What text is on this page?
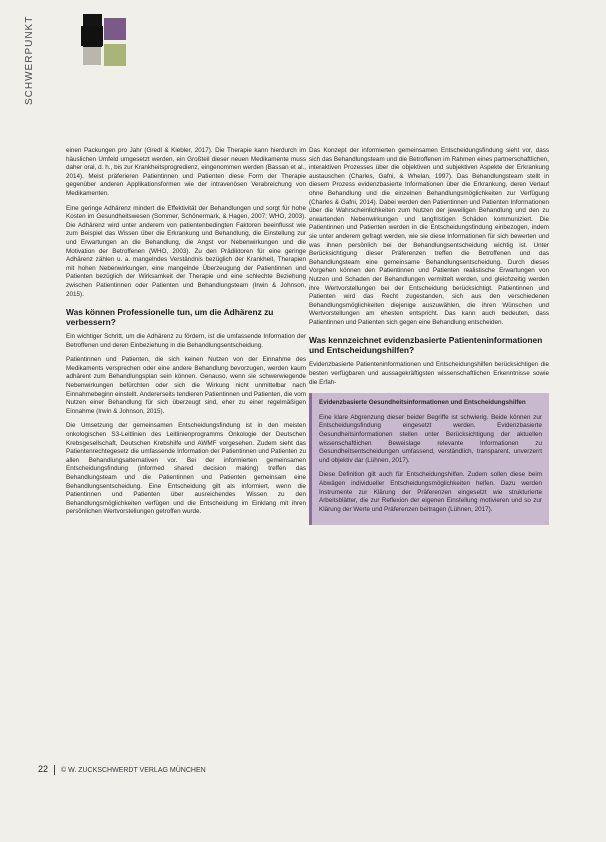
SCHWERPUNKT

einen Packungen pro Jahr (Gredl & Kiebler, 2017). Die Therapie kann hierdurch im häuslichen Umfeld umgesetzt werden, ein Großteil dieser neuen Medikamente muss daher oral, d. h., bis zur Krankheitsprogredienz, eingenommen werden (Bassan et al., 2014). Meist präferieren Patientinnen und Patienten diese Form der Therapie gegenüber anderen Applikationsformen wie der intravenösen Verabreichung von Medikamenten.

Eine geringe Adhärenz mindert die Effektivität der Behandlungen und sorgt für hohe Kosten im Gesundheitswesen (Sommer, Schönermark, & Hagen, 2007; WHO, 2003). Die Adhärenz wird unter anderem von patientenbedingten Faktoren beeinflusst wie zum Beispiel das Wissen über die Erkrankung und Behandlung, die Einstellung zur und Erwartungen an die Behandlung, die Angst vor Nebenwirkungen und die Motivation der Betroffenen (WHO, 2003). Zu den Prädiktoren für eine geringe Adhärenz zählen u. a. mangelndes Verständnis bezüglich der Krankheit, Therapien mit hohen Nebenwirkungen, eine mangelnde Überzeugung der Patientinnen und Patienten bezüglich der Wirksamkeit der Therapie und eine schlechte Beziehung zwischen Patientinnen oder Patienten und Behandlungsteam (Irwin & Johnson, 2015).

Was können Professionelle tun, um die Adhärenz zu verbessern?

Ein wichtiger Schritt, um die Adhärenz zu fördern, ist die umfassende Information der Betroffenen und deren Einbeziehung in die Behandlungsentscheidung.

Patientinnen und Patienten, die sich keinen Nutzen von der Einnahme des Medikaments versprechen oder eine andere Behandlung bevorzugen, werden kaum adhärent zum Behandlungsplan sein können. Genauso, wenn sie schwerwiegende Nebenwirkungen befürchten oder sich die Wirkung nicht unmittelbar nach Einnahmebeginn einstellt. Andererseits tendieren Patientinnen und Patienten, die vom Nutzen einer Behandlung für sich überzeugt sind, eher zu einer regelmäßigen Einnahme (Irwin & Johnson, 2015).

Die Umsetzung der gemeinsamen Entscheidungsfindung ist in den meisten onkologischen S3-Leitlinien des Leitlinienprogramms Onkologie der Deutschen Krebsgesellschaft, Deutschen Krebshilfe und AWMF vorgesehen. Zudem sieht das Patientenrechtegesetz die umfassende Information der Patientinnen und Patienten zu allen Behandlungsalternativen vor. Bei der informierten gemeinsamen Entscheidungsfindung (informed shared decision making) treffen das Behandlungsteam und die Patientinnen und Patienten gemeinsam eine Behandlungsentscheidung. Eine Entscheidung gilt als informiert, wenn die Patientinnen und Patienten über ausreichendes Wissen zu den Behandlungsmöglichkeiten verfügen und die Entscheidung im Einklang mit ihren persönlichen Wertvorstellungen getroffen wurde.

Das Konzept der informierten gemeinsamen Entscheidungsfindung sieht vor, dass sich das Behandlungsteam und die Betroffenen im Rahmen eines partnerschaftlichen, interaktiven Prozesses über die objektiven und subjektiven Aspekte der Erkrankung austauschen (Charles, Gafni, & Whelan, 1997). Das Behandlungsteam stellt in diesem Prozess evidenzbasierte Informationen über die Erkrankung, deren Verlauf ohne Behandlung und die einzelnen Behandlungsmöglichkeiten zur Verfügung (Charles & Gafni, 2014). Dabei werden den Patientinnen und Patienten Informationen über die Wahrscheinlichkeiten zum Nutzen der jeweiligen Behandlung und den zu erwartenden Nebenwirkungen und langfristigen Schäden kommuniziert. Die Patientinnen und Patienten werden in die Entscheidungsfindung einbezogen, indem sie unter anderem gefragt werden, wie sie diese Informationen für sich bewerten und was ihnen persönlich bei der Behandlungsentscheidung wichtig ist. Unter Berücksichtigung dieser Präferenzen treffen die Betroffenen und das Behandlungsteam eine gemeinsame Behandlungsentscheidung. Durch dieses Vorgehen können den Patientinnen und Patienten realistische Erwartungen von Nutzen und Schaden der Behandlungen vermittelt werden, und gleichzeitig werden ihre Wertvorstellungen bei der Entscheidung berücksichtigt. Patientinnen und Patienten wird das Recht zugestanden, sich aus den verschiedenen Behandlungsmöglichkeiten diejenige auszuwählen, die ihren Wünschen und Wertvorstellungen am ehesten entspricht. Das kann auch bedeuten, dass Patientinnen und Patienten sich gegen eine Behandlung entscheiden.

Was kennzeichnet evidenzbasierte Patienteninformationen und Entscheidungshilfen?

Evidenzbasierte Patienteninformationen und Entscheidungshilfen berücksichtigen die besten verfügbaren und aussagekräftigsten wissenschaftlichen Erkenntnisse sowie die Erfah-

Evidenzbasierte Gesundheitsinformationen und Entscheidungshilfen

Eine klare Abgrenzung dieser beider Begriffe ist schwierig. Beide können zur Entscheidungsfindung eingesetzt werden. Evidenzbasierte Gesundheitsinformationen stellen unter Berücksichtigung der aktuellen wissenschaftlichen Beweislage relevante Informationen zu Gesundheitsentscheidungen umfassend, verständlich, transparent, unverzerrt und objektiv dar (Lühnen, 2017).

Diese Definition gilt auch für Entscheidungshilfen. Zudem sollen diese beim Abwägen individueller Entscheidungsmöglichkeiten helfen. Dazu werden Instrumente zur Klärung der Präferenzen eingesetzt wie strukturierte Arbeitsblätter, die zur Reflexion der eigenen Einstellung motivieren und so zur Klärung der Werte und Präferenzen beitragen (Lühnen, 2017).

22 © W. ZUCKSCHWERDT VERLAG MÜNCHEN
